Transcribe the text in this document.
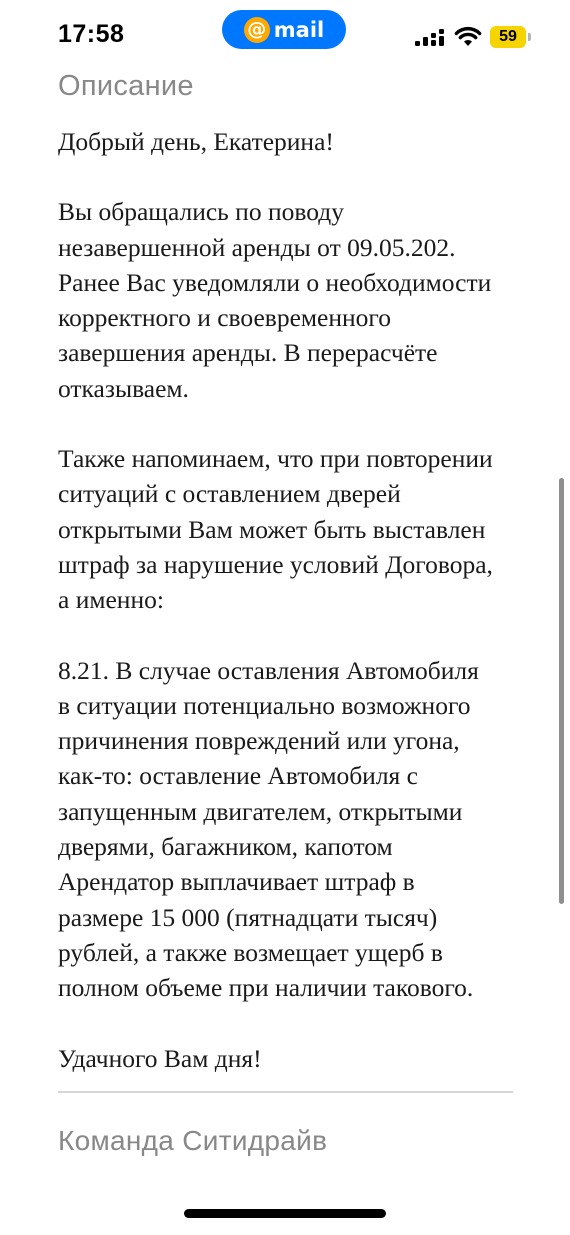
17:58	@ mail	59
Описание

Добрый день, Екатерина!

Вы обращались по поводу
незавершенной аренды от 09.05.202.
Ранее Вас уведомляли о необходимости
корректного и своевременного
завершения аренды. В перерасчёте
отказываем.

Также напоминаем, что при повторении
ситуаций с оставлением дверей
открытыми Вам может быть выставлен
штраф за нарушение условий Договора,
а именно:

8.21. В случае оставления Автомобиля
в ситуации потенциально возможного
причинения повреждений или угона,
как-то: оставление Автомобиля с
запущенным двигателем, открытыми
дверями, багажником, капотом
Арендатор выплачивает штраф в
размере 15 000 (пятнадцати тысяч)
рублей, а также возмещает ущерб в
полном объеме при наличии такового.

Удачного Вам дня!

Команда Ситидрайв
